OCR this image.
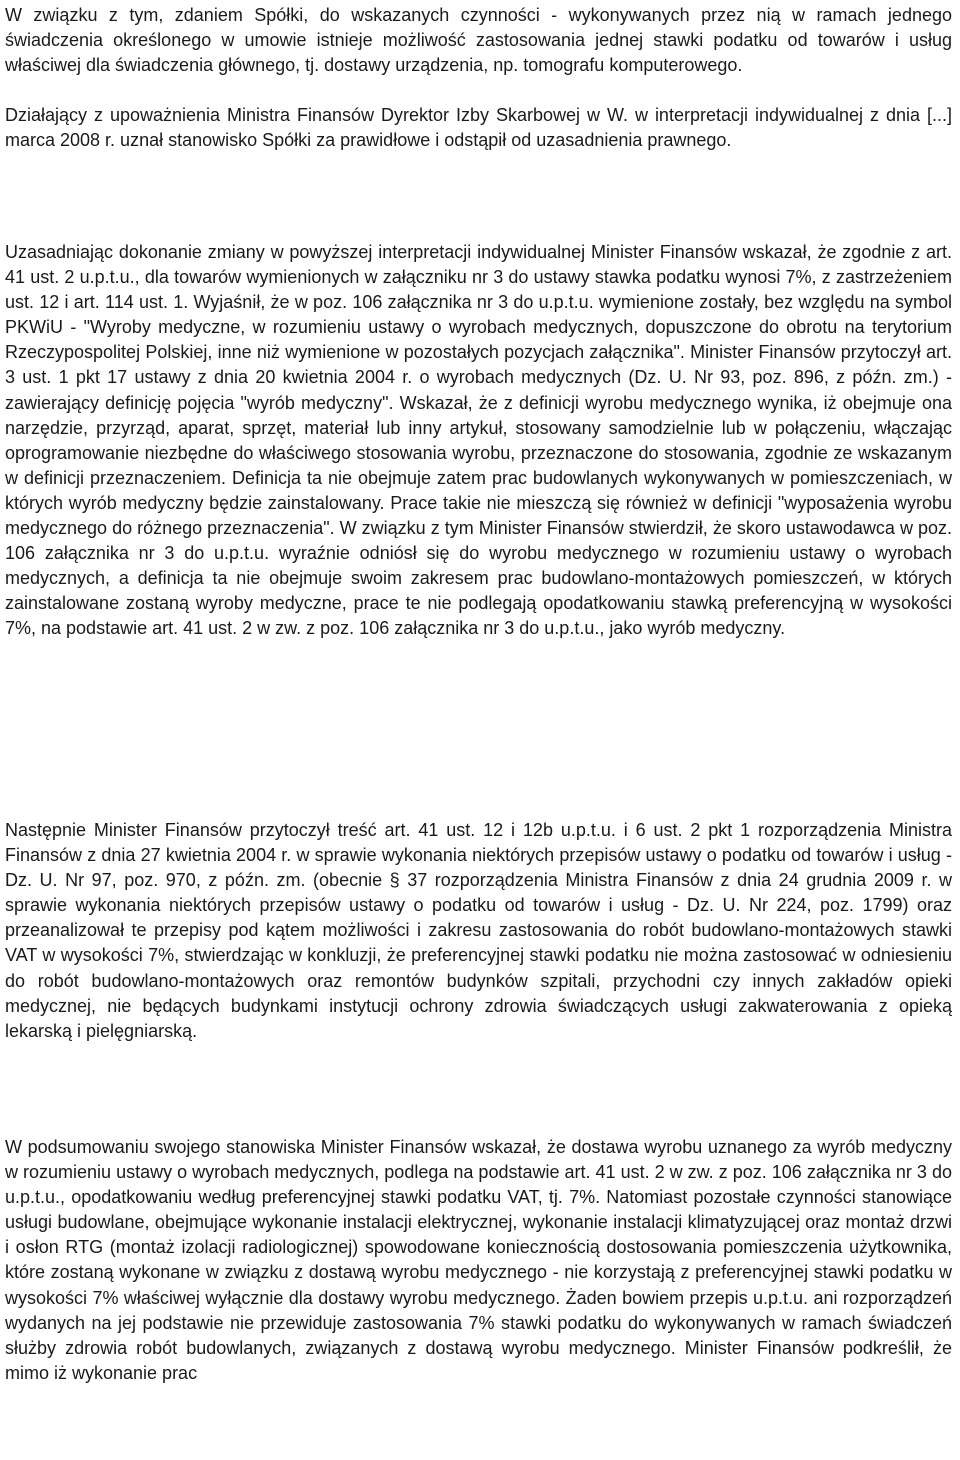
W związku z tym, zdaniem Spółki, do wskazanych czynności - wykonywanych przez nią w ramach jednego świadczenia określonego w umowie istnieje możliwość zastosowania jednej stawki podatku od towarów i usług właściwej dla świadczenia głównego, tj. dostawy urządzenia, np. tomografu komputerowego.

Działający z upoważnienia Ministra Finansów Dyrektor Izby Skarbowej w W. w interpretacji indywidualnej z dnia [...] marca 2008 r. uznał stanowisko Spółki za prawidłowe i odstąpił od uzasadnienia prawnego.

Uzasadniając dokonanie zmiany w powyższej interpretacji indywidualnej Minister Finansów wskazał, że zgodnie z art. 41 ust. 2 u.p.t.u., dla towarów wymienionych w załączniku nr 3 do ustawy stawka podatku wynosi 7%, z zastrzeżeniem ust. 12 i art. 114 ust. 1. Wyjaśnił, że w poz. 106 załącznika nr 3 do u.p.t.u. wymienione zostały, bez względu na symbol PKWiU - "Wyroby medyczne, w rozumieniu ustawy o wyrobach medycznych, dopuszczone do obrotu na terytorium Rzeczypospolitej Polskiej, inne niż wymienione w pozostałych pozycjach załącznika". Minister Finansów przytoczył art. 3 ust. 1 pkt 17 ustawy z dnia 20 kwietnia 2004 r. o wyrobach medycznych (Dz. U. Nr 93, poz. 896, z późn. zm.) - zawierający definicję pojęcia "wyrób medyczny". Wskazał, że z definicji wyrobu medycznego wynika, iż obejmuje ona narzędzie, przyrząd, aparat, sprzęt, materiał lub inny artykuł, stosowany samodzielnie lub w połączeniu, włączając oprogramowanie niezbędne do właściwego stosowania wyrobu, przeznaczone do stosowania, zgodnie ze wskazanym w definicji przeznaczeniem. Definicja ta nie obejmuje zatem prac budowlanych wykonywanych w pomieszczeniach, w których wyrób medyczny będzie zainstalowany. Prace takie nie mieszczą się również w definicji "wyposażenia wyrobu medycznego do różnego przeznaczenia". W związku z tym Minister Finansów stwierdził, że skoro ustawodawca w poz. 106 załącznika nr 3 do u.p.t.u. wyraźnie odniósł się do wyrobu medycznego w rozumieniu ustawy o wyrobach medycznych, a definicja ta nie obejmuje swoim zakresem prac budowlano-montażowych pomieszczeń, w których zainstalowane zostaną wyroby medyczne, prace te nie podlegają opodatkowaniu stawką preferencyjną w wysokości 7%, na podstawie art. 41 ust. 2 w zw. z poz. 106 załącznika nr 3 do u.p.t.u., jako wyrób medyczny.

Następnie Minister Finansów przytoczył treść art. 41 ust. 12 i 12b u.p.t.u. i 6 ust. 2 pkt 1 rozporządzenia Ministra Finansów z dnia 27 kwietnia 2004 r. w sprawie wykonania niektórych przepisów ustawy o podatku od towarów i usług - Dz. U. Nr 97, poz. 970, z późn. zm. (obecnie § 37 rozporządzenia Ministra Finansów z dnia 24 grudnia 2009 r. w sprawie wykonania niektórych przepisów ustawy o podatku od towarów i usług - Dz. U. Nr 224, poz. 1799) oraz przeanalizował te przepisy pod kątem możliwości i zakresu zastosowania do robót budowlano-montażowych stawki VAT w wysokości 7%, stwierdzając w konkluzji, że preferencyjnej stawki podatku nie można zastosować w odniesieniu do robót budowlano-montażowych oraz remontów budynków szpitali, przychodni czy innych zakładów opieki medycznej, nie będących budynkami instytucji ochrony zdrowia świadczących usługi zakwaterowania z opieką lekarską i pielęgniarską.

W podsumowaniu swojego stanowiska Minister Finansów wskazał, że dostawa wyrobu uznanego za wyrób medyczny w rozumieniu ustawy o wyrobach medycznych, podlega na podstawie art. 41 ust. 2 w zw. z poz. 106 załącznika nr 3 do u.p.t.u., opodatkowaniu według preferencyjnej stawki podatku VAT, tj. 7%. Natomiast pozostałe czynności stanowiące usługi budowlane, obejmujące wykonanie instalacji elektrycznej, wykonanie instalacji klimatyzującej oraz montaż drzwi i osłon RTG (montaż izolacji radiologicznej) spowodowane koniecznością dostosowania pomieszczenia użytkownika, które zostaną wykonane w związku z dostawą wyrobu medycznego - nie korzystają z preferencyjnej stawki podatku w wysokości 7% właściwej wyłącznie dla dostawy wyrobu medycznego. Żaden bowiem przepis u.p.t.u. ani rozporządzeń wydanych na jej podstawie nie przewiduje zastosowania 7% stawki podatku do wykonywanych w ramach świadczeń służby zdrowia robót budowlanych, związanych z dostawą wyrobu medycznego. Minister Finansów podkreślił, że mimo iż wykonanie prac
